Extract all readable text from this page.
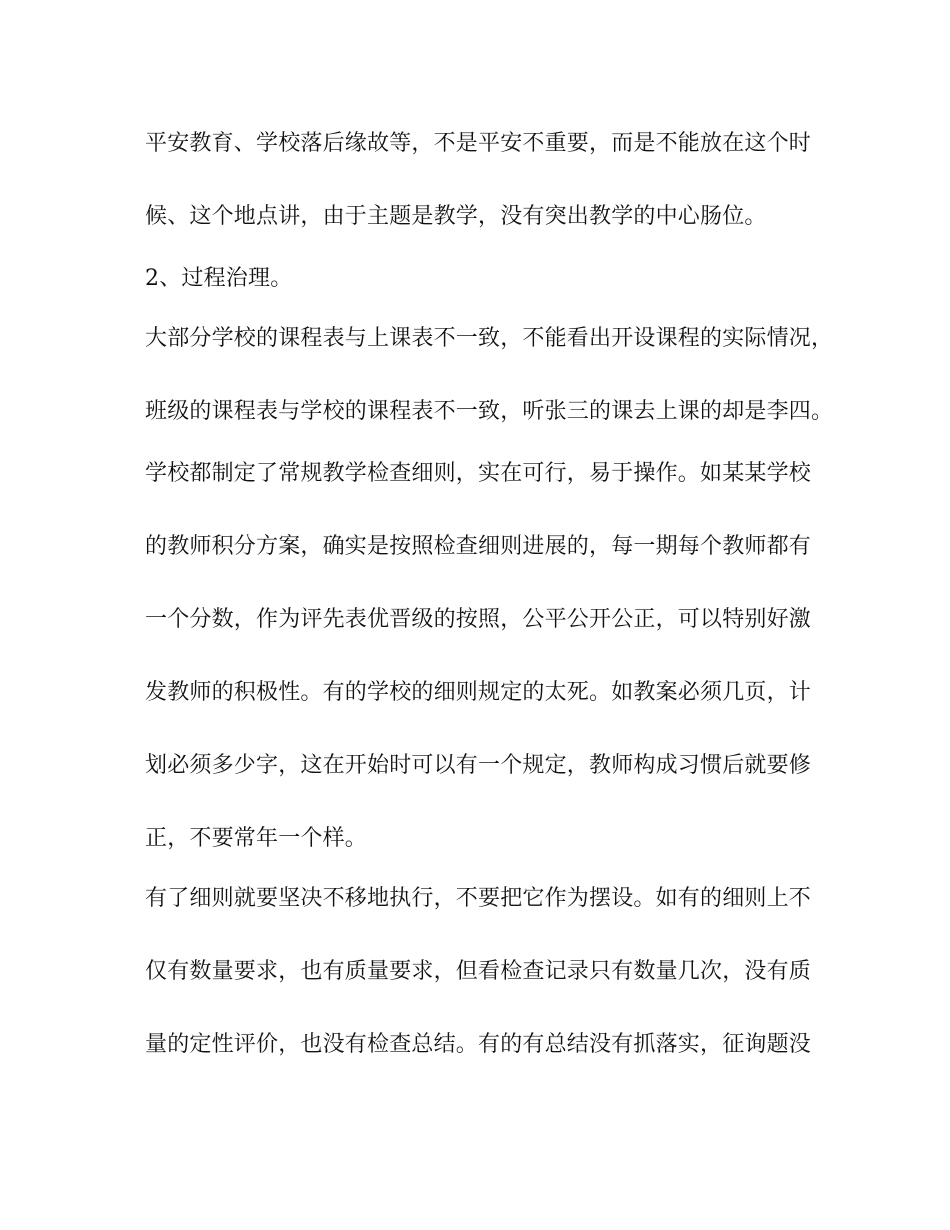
平安教育、学校落后缘故等，不是平安不重要，而是不能放在这个时
候、这个地点讲，由于主题是教学，没有突出教学的中心肠位。
2、过程治理。
大部分学校的课程表与上课表不一致，不能看出开设课程的实际情况，
班级的课程表与学校的课程表不一致，听张三的课去上课的却是李四。
学校都制定了常规教学检查细则，实在可行，易于操作。如某某学校
的教师积分方案，确实是按照检查细则进展的，每一期每个教师都有
一个分数，作为评先表优晋级的按照，公平公开公正，可以特别好激
发教师的积极性。有的学校的细则规定的太死。如教案必须几页，计
划必须多少字，这在开始时可以有一个规定，教师构成习惯后就要修
正，不要常年一个样。
有了细则就要坚决不移地执行，不要把它作为摆设。如有的细则上不
仅有数量要求，也有质量要求，但看检查记录只有数量几次，没有质
量的定性评价，也没有检查总结。有的有总结没有抓落实，征询题没
